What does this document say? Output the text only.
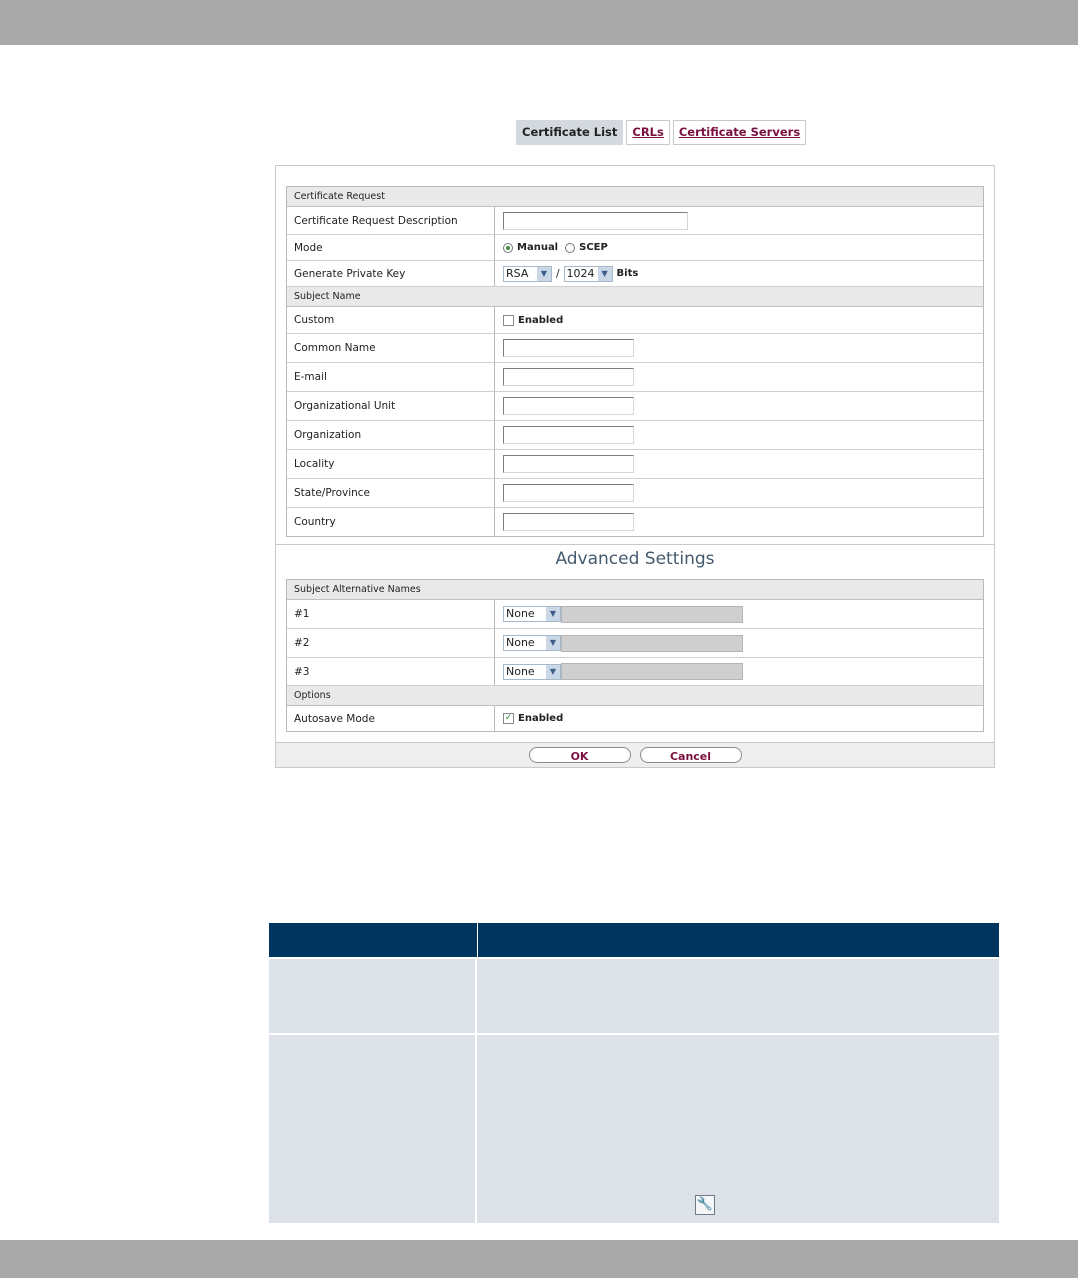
Certificate List	CRLs	Certificate Servers
Certificate Request
Certificate Request Description
Mode	Manual SCEP
Generate Private Key	RSA	▼ / 1024 ▼ Bits
Subject Name
Custom	Enabled
Common Name
E-mail
Organizational Unit
Organization
Locality
State/Province
Country
Advanced Settings
Subject Alternative Names
#1	None	▼
#2	None	▼
#3	None	▼
Options
Autosave Mode	✓ Enabled
OK	Cancel
🔧
